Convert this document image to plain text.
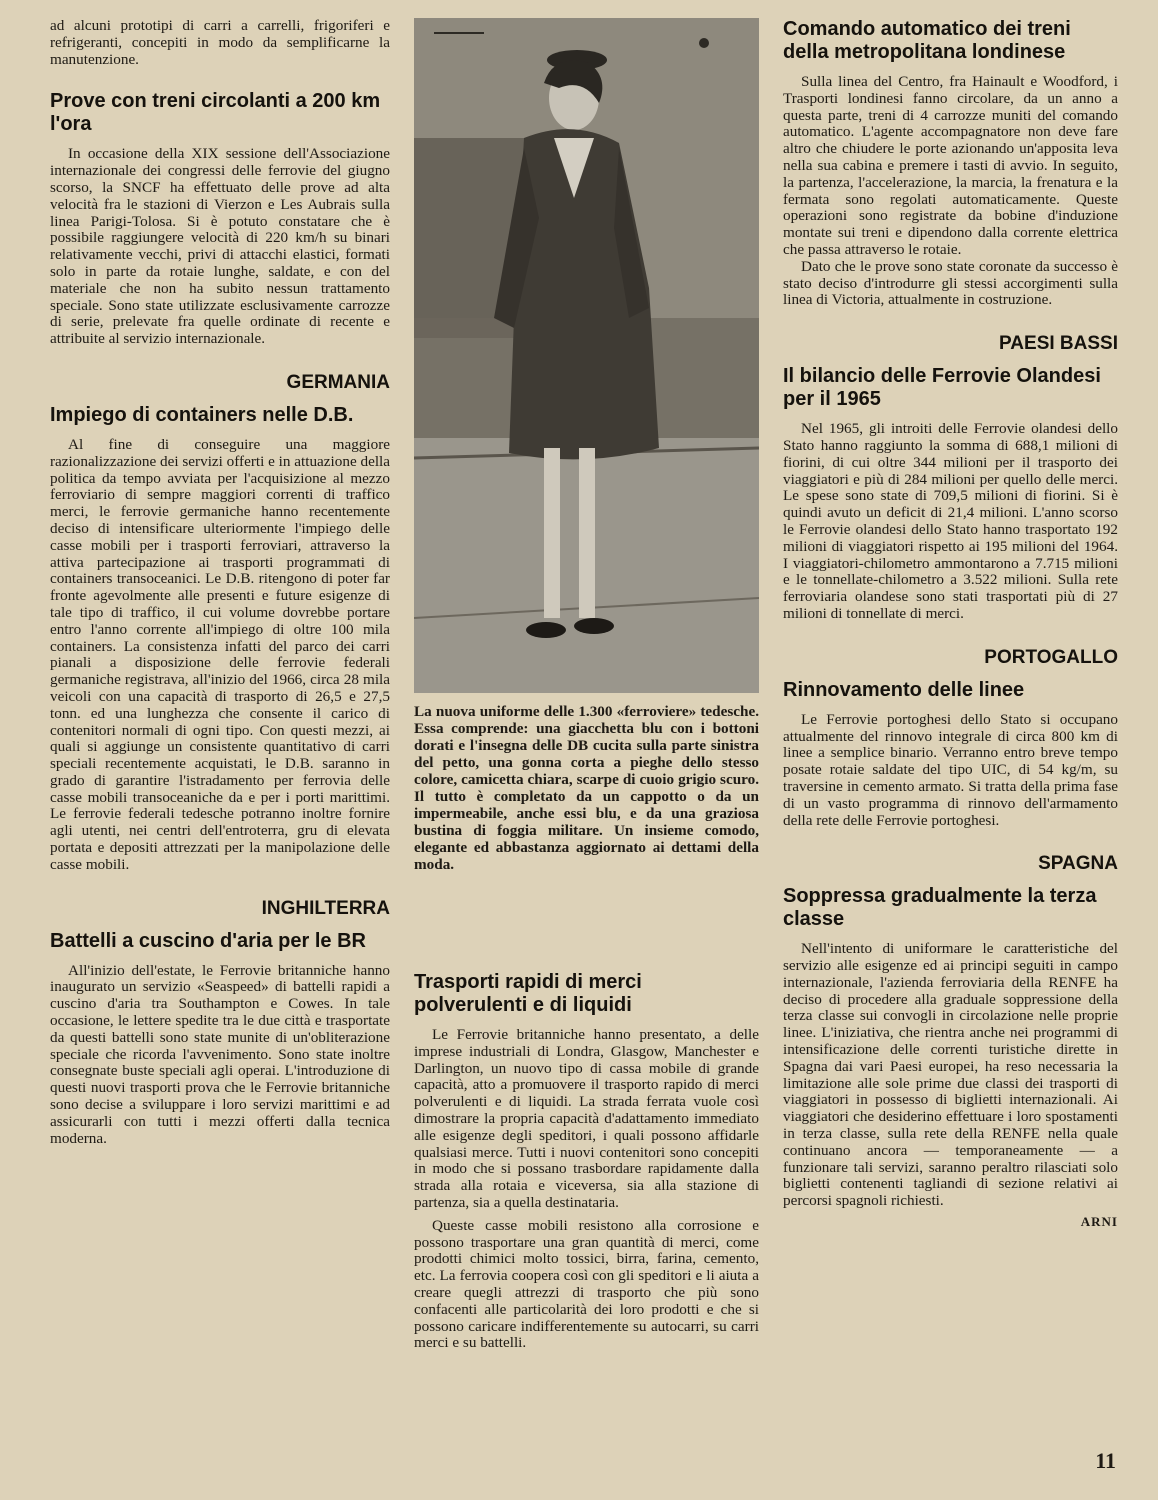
ad alcuni prototipi di carri a carrelli, frigoriferi e refrigeranti, concepiti in modo da semplificarne la manutenzione.

Prove con treni circolanti a 200 km l'ora

In occasione della XIX sessione dell'Associazione internazionale dei congressi delle ferrovie del giugno scorso, la SNCF ha effettuato delle prove ad alta velocità fra le stazioni di Vierzon e Les Aubrais sulla linea Parigi-Tolosa. Si è potuto constatare che è possibile raggiungere velocità di 220 km/h su binari relativamente vecchi, privi di attacchi elastici, formati solo in parte da rotaie lunghe, saldate, e con del materiale che non ha subito nessun trattamento speciale. Sono state utilizzate esclusivamente carrozze di serie, prelevate fra quelle ordinate di recente e attribuite al servizio internazionale.

GERMANIA
Impiego di containers nelle D.B.

Al fine di conseguire una maggiore razionalizzazione dei servizi offerti e in attuazione della politica da tempo avviata per l'acquisizione al mezzo ferroviario di sempre maggiori correnti di traffico merci, le ferrovie germaniche hanno recentemente deciso di intensificare ulteriormente l'impiego delle casse mobili per i trasporti ferroviari, attraverso la attiva partecipazione ai trasporti programmati di containers transoceanici. Le D.B. ritengono di poter far fronte agevolmente alle presenti e future esigenze di tale tipo di traffico, il cui volume dovrebbe portare entro l'anno corrente all'impiego di oltre 100 mila containers. La consistenza infatti del parco dei carri pianali a disposizione delle ferrovie federali germaniche registrava, all'inizio del 1966, circa 28 mila veicoli con una capacità di trasporto di 26,5 e 27,5 tonn. ed una lunghezza che consente il carico di contenitori normali di ogni tipo. Con questi mezzi, ai quali si aggiunge un consistente quantitativo di carri speciali recentemente acquistati, le D.B. saranno in grado di garantire l'istradamento per ferrovia delle casse mobili transoceaniche da e per i porti marittimi. Le ferrovie federali tedesche potranno inoltre fornire agli utenti, nei centri dell'entroterra, gru di elevata portata e depositi attrezzati per la manipolazione delle casse mobili.

INGHILTERRA
Battelli a cuscino d'aria per le BR

All'inizio dell'estate, le Ferrovie britanniche hanno inaugurato un servizio «Seaspeed» di battelli rapidi a cuscino d'aria tra Southampton e Cowes. In tale occasione, le lettere spedite tra le due città e trasportate da questi battelli sono state munite di un'obliterazione speciale che ricorda l'avvenimento. Sono state inoltre consegnate buste speciali agli operai. L'introduzione di questi nuovi trasporti prova che le Ferrovie britanniche sono decise a sviluppare i loro servizi marittimi e ad assicurarli con tutti i mezzi offerti dalla tecnica moderna.

La nuova uniforme delle 1.300 «ferroviere» tedesche. Essa comprende: una giacchetta blu con i bottoni dorati e l'insegna delle DB cucita sulla parte sinistra del petto, una gonna corta a pieghe dello stesso colore, camicetta chiara, scarpe di cuoio grigio scuro. Il tutto è completato da un cappotto o da un impermeabile, anche essi blu, e da una graziosa bustina di foggia militare. Un insieme comodo, elegante ed abbastanza aggiornato ai dettami della moda.

Trasporti rapidi di merci polverulenti e di liquidi

Le Ferrovie britanniche hanno presentato, a delle imprese industriali di Londra, Glasgow, Manchester e Darlington, un nuovo tipo di cassa mobile di grande capacità, atto a promuovere il trasporto rapido di merci polverulenti e di liquidi. La strada ferrata vuole così dimostrare la propria capacità d'adattamento immediato alle esigenze degli speditori, i quali possono affidarle qualsiasi merce. Tutti i nuovi contenitori sono concepiti in modo che si possano trasbordare rapidamente dalla strada alla rotaia e viceversa, sia alla stazione di partenza, sia a quella destinataria.

Queste casse mobili resistono alla corrosione e possono trasportare una gran quantità di merci, come prodotti chimici molto tossici, birra, farina, cemento, etc. La ferrovia coopera così con gli speditori e li aiuta a creare quegli attrezzi di trasporto che più sono confacenti alle particolarità dei loro prodotti e che si possono caricare indifferentemente su autocarri, su carri merci e su battelli.

Comando automatico dei treni della metropolitana londinese

Sulla linea del Centro, fra Hainault e Woodford, i Trasporti londinesi fanno circolare, da un anno a questa parte, treni di 4 carrozze muniti del comando automatico. L'agente accompagnatore non deve fare altro che chiudere le porte azionando un'apposita leva nella sua cabina e premere i tasti di avvio. In seguito, la partenza, l'accelerazione, la marcia, la frenatura e la fermata sono regolati automaticamente. Queste operazioni sono registrate da bobine d'induzione montate sui treni e dipendono dalla corrente elettrica che passa attraverso le rotaie.

Dato che le prove sono state coronate da successo è stato deciso d'introdurre gli stessi accorgimenti sulla linea di Victoria, attualmente in costruzione.

PAESI BASSI
Il bilancio delle Ferrovie Olandesi per il 1965

Nel 1965, gli introiti delle Ferrovie olandesi dello Stato hanno raggiunto la somma di 688,1 milioni di fiorini, di cui oltre 344 milioni per il trasporto dei viaggiatori e più di 284 milioni per quello delle merci. Le spese sono state di 709,5 milioni di fiorini. Si è quindi avuto un deficit di 21,4 milioni. L'anno scorso le Ferrovie olandesi dello Stato hanno trasportato 192 milioni di viaggiatori rispetto ai 195 milioni del 1964. I viaggiatori-chilometro ammontarono a 7.715 milioni e le tonnellate-chilometro a 3.522 milioni. Sulla rete ferroviaria olandese sono stati trasportati più di 27 milioni di tonnellate di merci.

PORTOGALLO
Rinnovamento delle linee

Le Ferrovie portoghesi dello Stato si occupano attualmente del rinnovo integrale di circa 800 km di linee a semplice binario. Verranno entro breve tempo posate rotaie saldate del tipo UIC, di 54 kg/m, su traversine in cemento armato. Si tratta della prima fase di un vasto programma di rinnovo dell'armamento della rete delle Ferrovie portoghesi.

SPAGNA
Soppressa gradualmente la terza classe

Nell'intento di uniformare le caratteristiche del servizio alle esigenze ed ai principi seguiti in campo internazionale, l'azienda ferroviaria della RENFE ha deciso di procedere alla graduale soppressione della terza classe sui convogli in circolazione nelle proprie linee. L'iniziativa, che rientra anche nei programmi di intensificazione delle correnti turistiche dirette in Spagna dai vari Paesi europei, ha reso necessaria la limitazione alle sole prime due classi dei trasporti di viaggiatori in possesso di biglietti internazionali. Ai viaggiatori che desiderino effettuare i loro spostamenti in terza classe, sulla rete della RENFE nella quale continuano ancora — temporaneamente — a funzionare tali servizi, saranno peraltro rilasciati solo biglietti contenenti tagliandi di sezione relativi ai percorsi spagnoli richiesti.

ARNI
11
